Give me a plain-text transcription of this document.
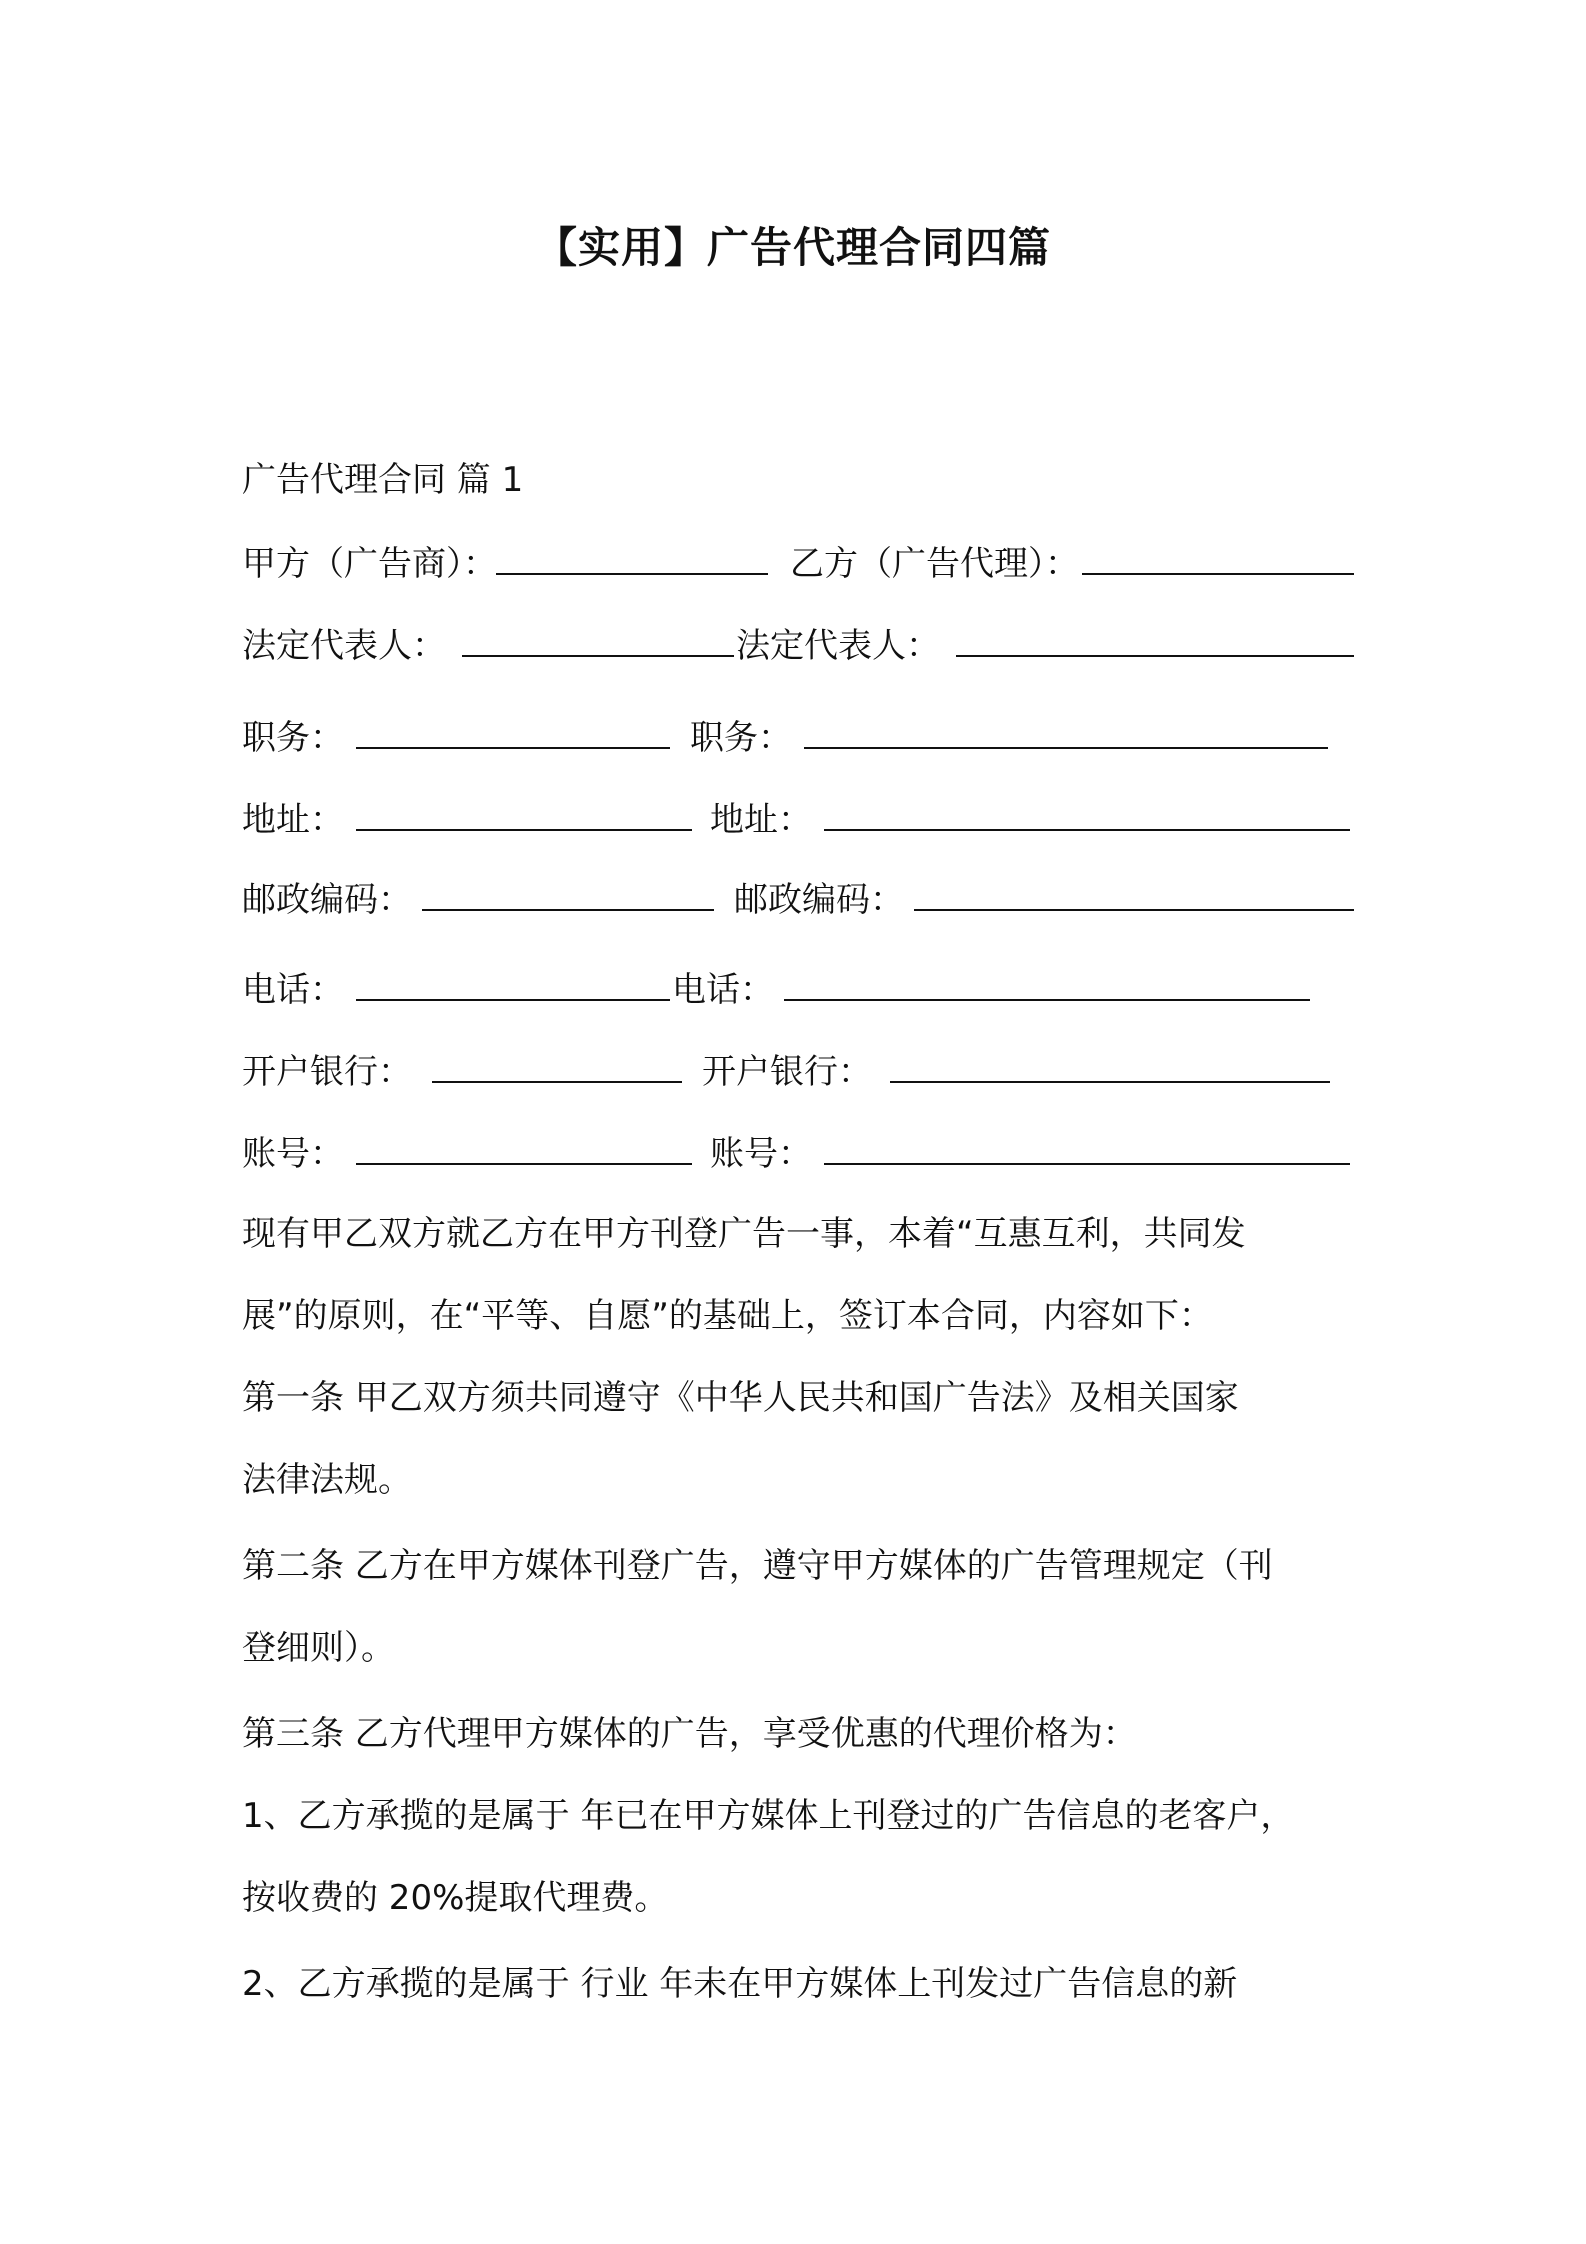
【实用】广告代理合同四篇
广告代理合同 篇 1
甲方（广告商）：	乙方（广告代理）：
法定代表人：	法定代表人：
职务：	职务：
地址：	地址：
邮政编码：	邮政编码：
电话：	电话：
开户银行：	开户银行：
账号：	账号：
现有甲乙双方就乙方在甲方刊登广告一事，本着“互惠互利，共同发
展”的原则，在“平等、自愿”的基础上，签订本合同，内容如下：
第一条 甲乙双方须共同遵守《中华人民共和国广告法》及相关国家
法律法规。
第二条 乙方在甲方媒体刊登广告，遵守甲方媒体的广告管理规定（刊
登细则）。
第三条 乙方代理甲方媒体的广告，享受优惠的代理价格为：
1、乙方承揽的是属于 年已在甲方媒体上刊登过的广告信息的老客户，
按收费的 20%提取代理费。
2、乙方承揽的是属于 行业 年未在甲方媒体上刊发过广告信息的新
